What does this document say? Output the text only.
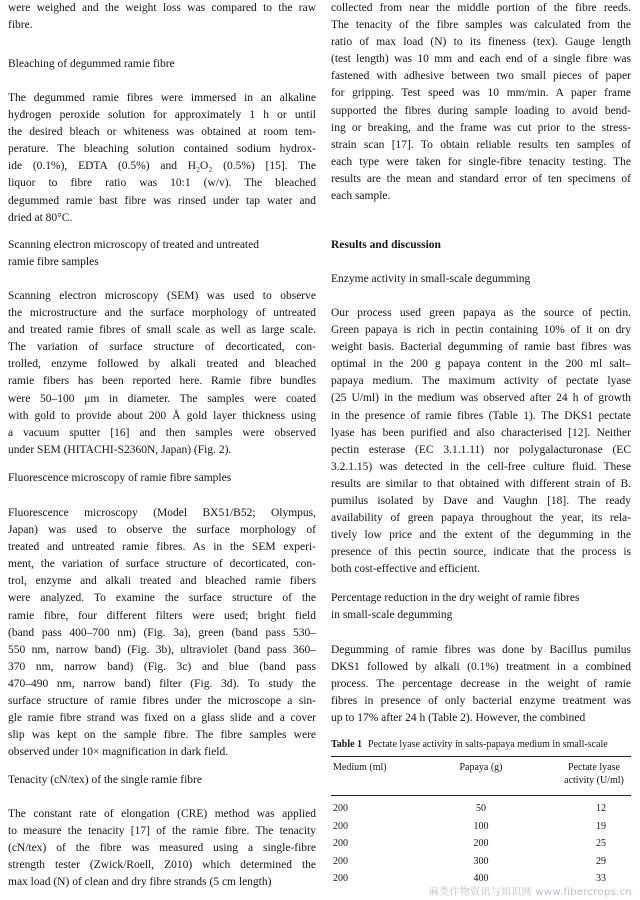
were weighed and the weight loss was compared to the raw
fibre.
Bleaching of degummed ramie fibre
The degummed ramie fibres were immersed in an alkaline
hydrogen peroxide solution for approximately 1 h or until
the desired bleach or whiteness was obtained at room tem-
perature. The bleaching solution contained sodium hydrox-
ide (0.1%), EDTA (0.5%) and H₂O₂ (0.5%) [15]. The
liquor to fibre ratio was 10:1 (w/v). The bleached
degummed ramie bast fibre was rinsed under tap water and
dried at 80°C.
Scanning electron microscopy of treated and untreated
ramie fibre samples
Scanning electron microscopy (SEM) was used to observe
the microstructure and the surface morphology of untreated
and treated ramie fibres of small scale as well as large scale.
The variation of surface structure of decorticated, con-
trolled, enzyme followed by alkali treated and bleached
ramie fibers has been reported here. Ramie fibre bundles
were 50–100 μm in diameter. The samples were coated
with gold to provide about 200 Å gold layer thickness using
a vacuum sputter [16] and then samples were observed
under SEM (HITACHI-S2360N, Japan) (Fig. 2).
Fluorescence microscopy of ramie fibre samples
Fluorescence microscopy (Model BX51/B52; Olympus,
Japan) was used to observe the surface morphology of
treated and untreated ramie fibres. As in the SEM experi-
ment, the variation of surface structure of decorticated, con-
trol, enzyme and alkali treated and bleached ramie fibers
were analyzed. To examine the surface structure of the
ramie fibre, four different filters were used; bright field
(band pass 400–700 nm) (Fig. 3a), green (band pass 530–
550 nm, narrow band) (Fig. 3b), ultraviolet (band pass 360–
370 nm, narrow band) (Fig. 3c) and blue (band pass
470–490 nm, narrow band) filter (Fig. 3d). To study the
surface structure of ramie fibres under the microscope a sin-
gle ramie fibre strand was fixed on a glass slide and a cover
slip was kept on the sample fibre. The fibre samples were
observed under 10× magnification in dark field.
Tenacity (cN/tex) of the single ramie fibre
The constant rate of elongation (CRE) method was applied
to measure the tenacity [17] of the ramie fibre. The tenacity
(cN/tex) of the fibre was measured using a single-fibre
strength tester (Zwick/Roell, Z010) which determined the
max load (N) of clean and dry fibre strands (5 cm length)
collected from near the middle portion of the fibre reeds.
The tenacity of the fibre samples was calculated from the
ratio of max load (N) to its fineness (tex). Gauge length
(test length) was 10 mm and each end of a single fibre was
fastened with adhesive between two small pieces of paper
for gripping. Test speed was 10 mm/min. A paper frame
supported the fibres during sample loading to avoid bend-
ing or breaking, and the frame was cut prior to the stress-
strain scan [17]. To obtain reliable results ten samples of
each type were taken for single-fibre tenacity testing. The
results are the mean and standard error of ten specimens of
each sample.
Results and discussion
Enzyme activity in small-scale degumming
Our process used green papaya as the source of pectin.
Green papaya is rich in pectin containing 10% of it on dry
weight basis. Bacterial degumming of ramie bast fibres was
optimal in the 200 g papaya content in the 200 ml salt–
papaya medium. The maximum activity of pectate lyase
(25 U/ml) in the medium was observed after 24 h of growth
in the presence of ramie fibres (Table 1). The DKS1 pectate
lyase has been purified and also characterised [12]. Neither
pectin esterase (EC 3.1.1.11) nor polygalacturonase (EC
3.2.1.15) was detected in the cell-free culture fluid. These
results are similar to that obtained with different strain of B.
pumilus isolated by Dave and Vaughn [18]. The ready
availability of green papaya throughout the year, its rela-
tively low price and the extent of the degumming in the
presence of this pectin source, indicate that the process is
both cost-effective and efficient.
Percentage reduction in the dry weight of ramie fibres
in small-scale degumming
Degumming of ramie fibres was done by Bacillus pumilus
DKS1 followed by alkali (0.1%) treatment in a combined
process. The percentage decrease in the weight of ramie
fibres in presence of only bacterial enzyme treatment was
up to 17% after 24 h (Table 2). However, the combined
Table 1 Pectate lyase activity in salts-papaya medium in small-scale
Medium (ml)	Papaya (g)	Pectate lyase
activity (U/ml)
200	50	12
200	100	19
200	200	25
200	300	29
200	400	33
麻类作物资讯与知识网 www.fibercrops.cn
